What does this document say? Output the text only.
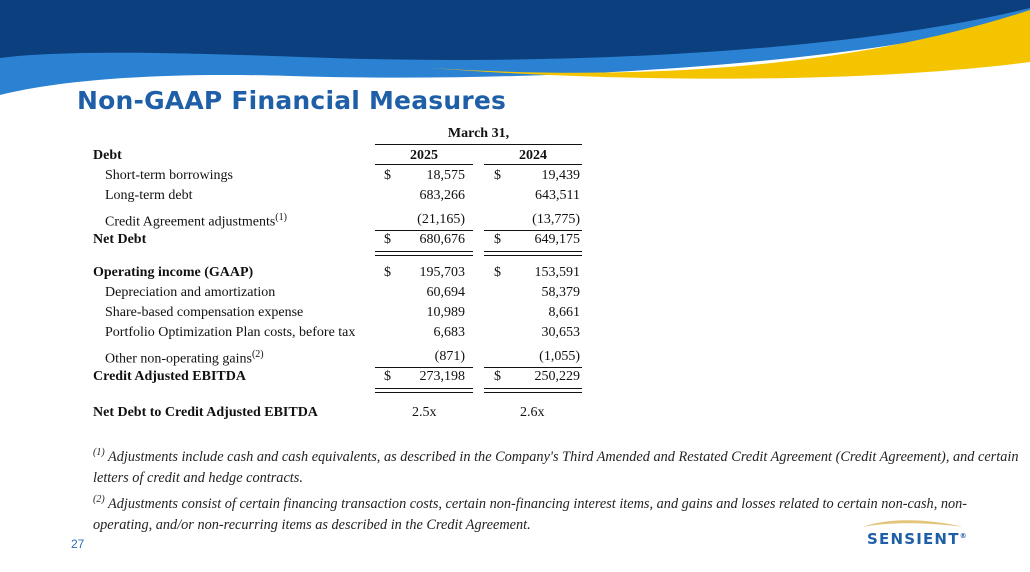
Non-GAAP Financial Measures
March 31,
Debt	2025	2024
Short-term borrowings	$	18,575 $	19,439
Long-term debt	683,266	643,511
Credit Agreement adjustments$^{(1)}$	(21,165)	(13,775)
Net Debt	$ 680,676 $ 649,175
Operating income (GAAP)	$ 195,703 $ 153,591
Depreciation and amortization	60,694	58,379
Share-based compensation expense	10,989	8,661
Portfolio Optimization Plan costs, before tax	6,683	30,653
Other non-operating gains$^{(2)}$	(871)	(1,055)
Credit Adjusted EBITDA	$ 273,198 $ 250,229
Net Debt to Credit Adjusted EBITDA	2.5x	2.6x

$^{(1)}$ Adjustments include cash and cash equivalents, as described in the Company's Third Amended and Restated Credit Agreement (Credit Agreement), and certain letters of credit and hedge contracts.

$^{(2)}$ Adjustments consist of certain financing transaction costs, certain non-financing interest items, and gains and losses related to certain non-cash, non-operating, and/or non-recurring items as described in the Credit Agreement.

27	SENSIENT®
